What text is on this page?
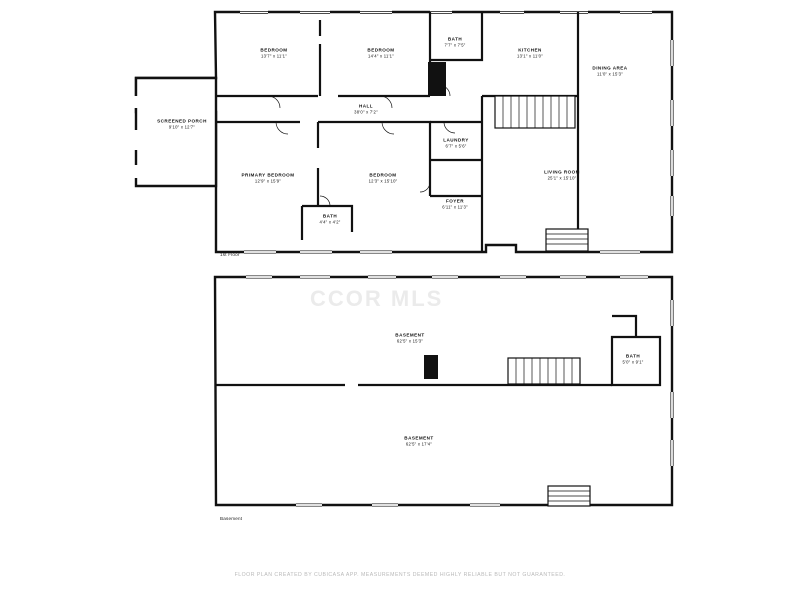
CCOR MLS
BEDROOM
13'7" x 11'1"
BEDROOM
14'4" x 11'1"
BATH
7'7" x 7'5"
KITCHEN
13'1" x 11'0"
DINING AREA
11'0" x 15'3"
HALL
38'0" x 7'2"
SCREENED PORCH
9'10" x 12'7"
LAUNDRY
6'7" x 5'6"
PRIMARY BEDROOM
12'9" x 15'9"
BEDROOM
12'3" x 15'10"
LIVING ROOM
25'1" x 15'10"
FOYER
6'11" x 11'3"
BATH
4'4" x 4'2"
BASEMENT
62'5" x 15'3"
BATH
5'0" x 9'1"
BASEMENT
62'5" x 17'4"
1st Floor
Basement
FLOOR PLAN CREATED BY CUBICASA APP. MEASUREMENTS DEEMED HIGHLY RELIABLE BUT NOT GUARANTEED.
